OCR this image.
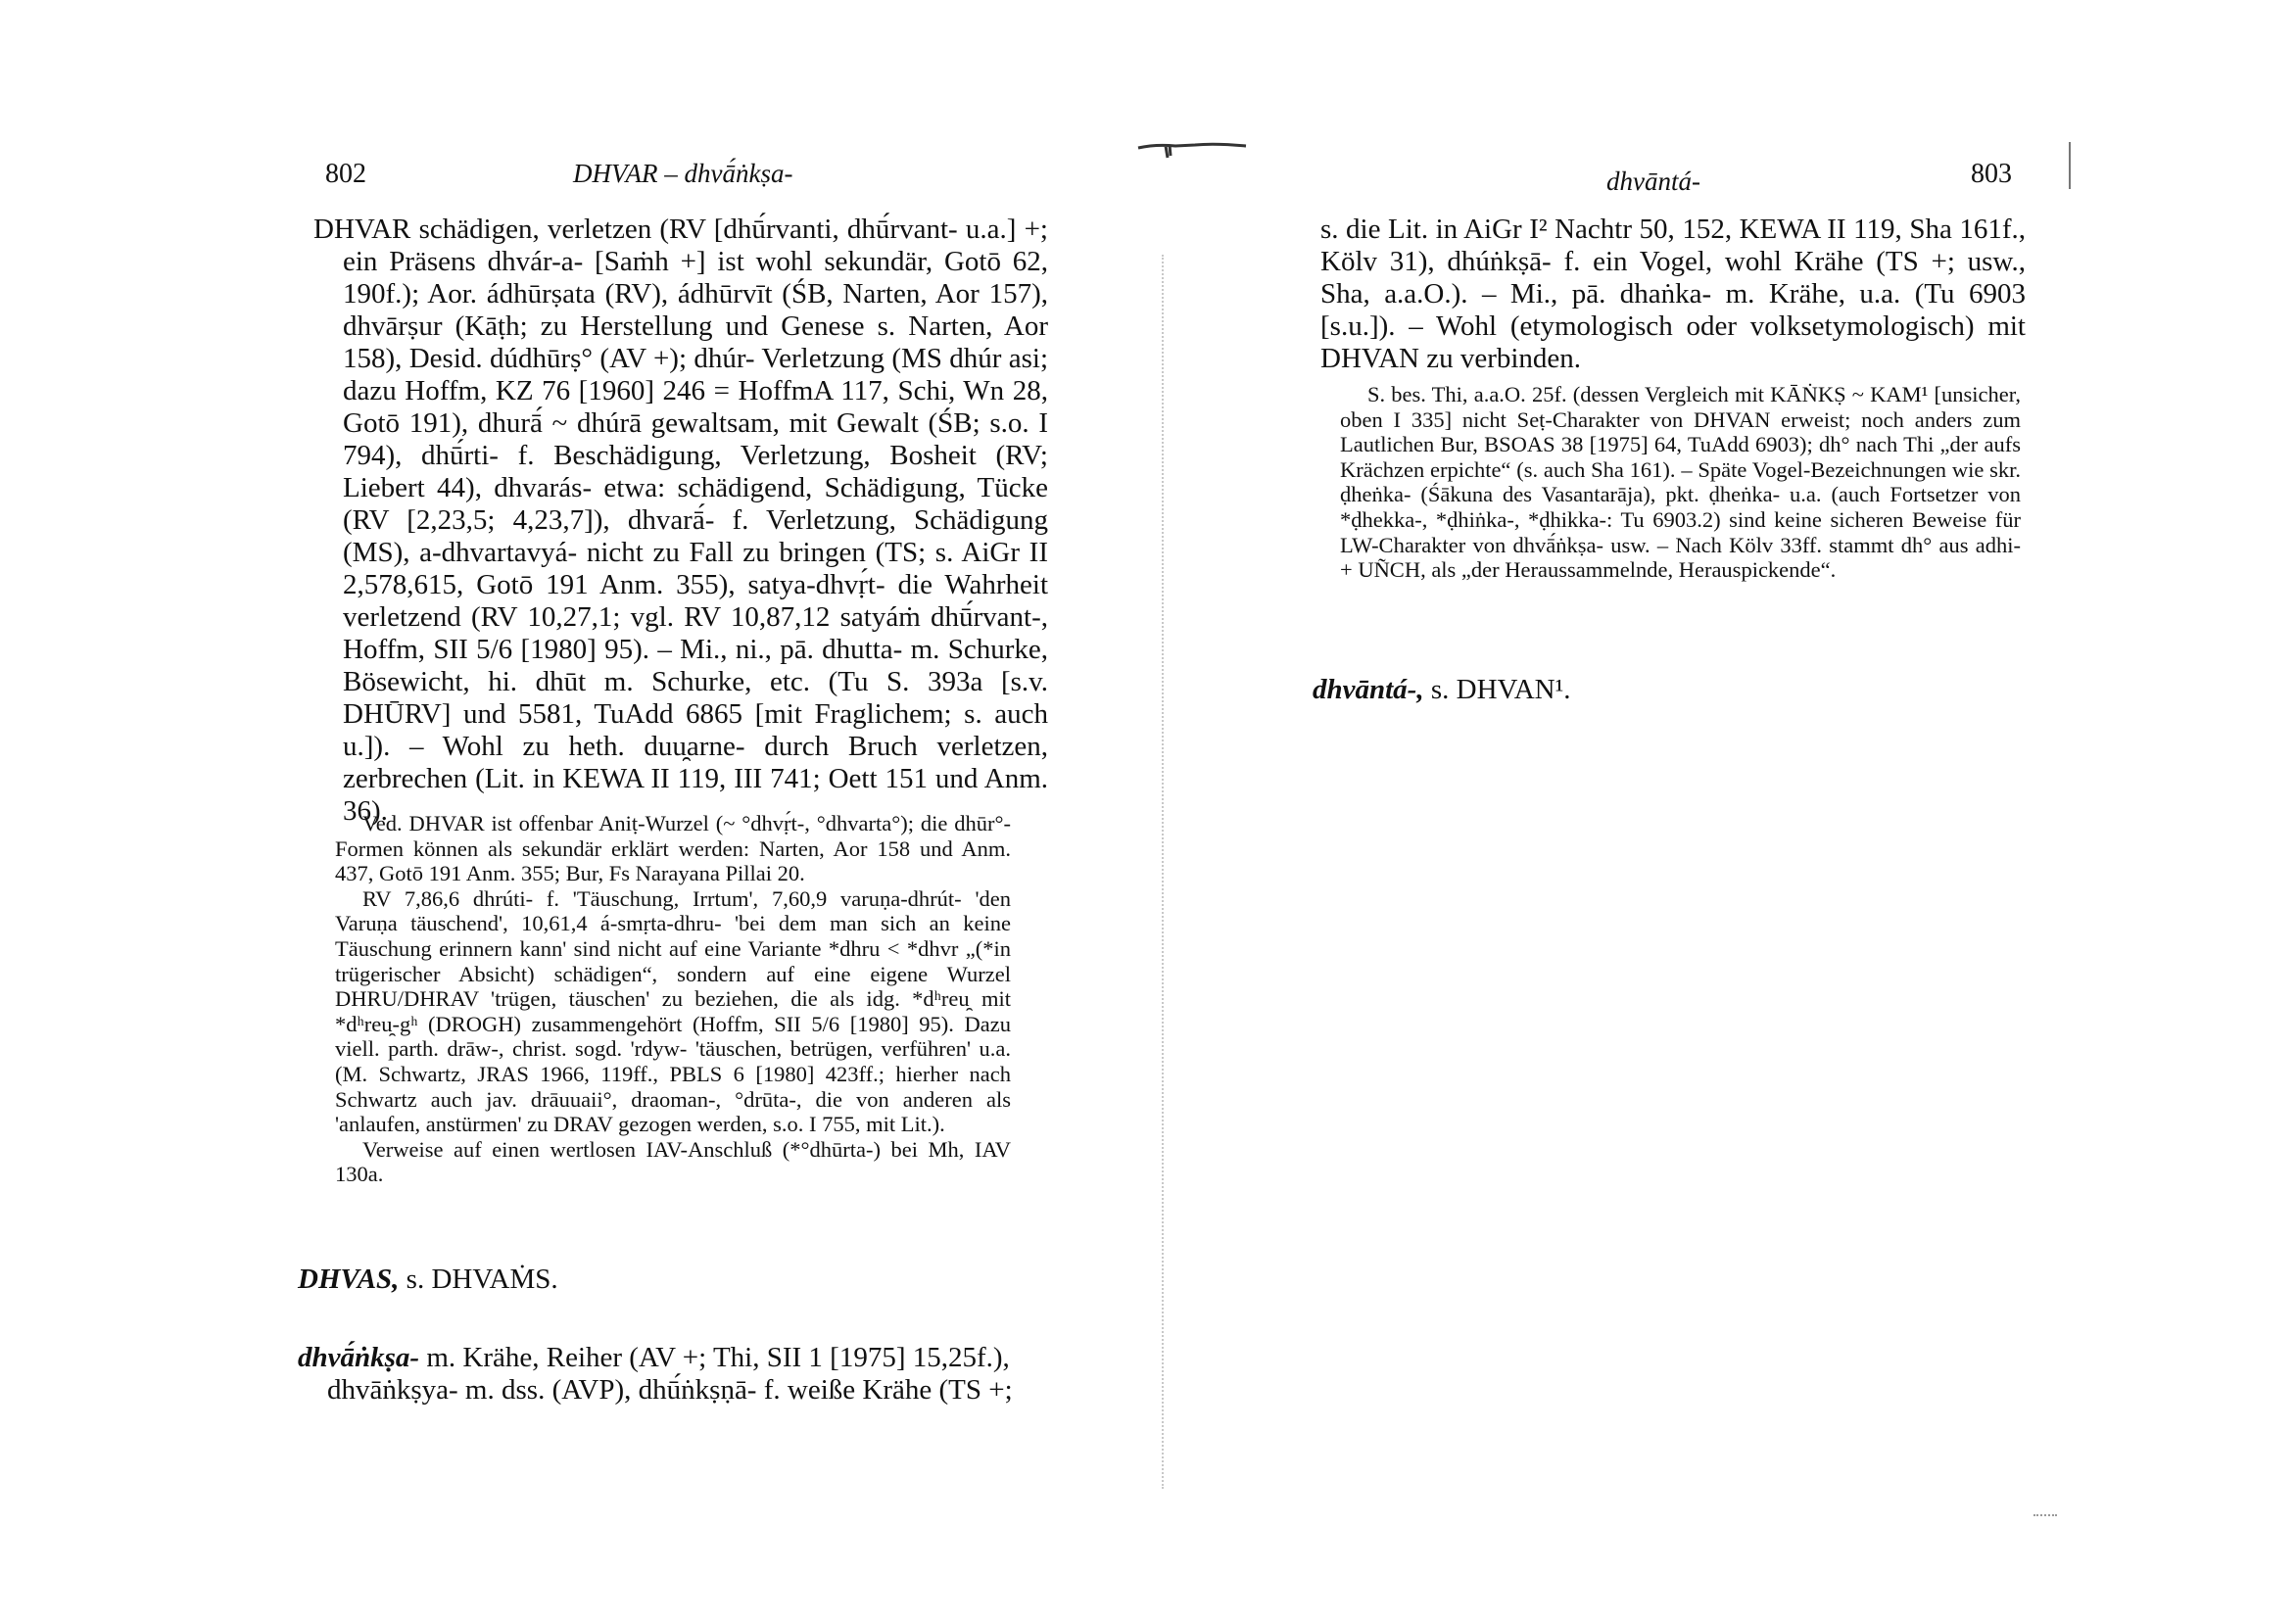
802	DHVAR – dhvā́ṅkṣa-

DHVAR schädigen, verletzen (RV [dhū́rvanti, dhū́rvant- u.a.] +; ein Präsens dhvár-a- [Saṁh +] ist wohl sekundär, Gotō 62, 190f.); Aor. ádhūrṣata (RV), ádhūrvīt (ŚB, Narten, Aor 157), dhvārṣur (Kāṭh; zu Herstellung und Genese s. Narten, Aor 158), Desid. dúdhūrṣ° (AV +); dhúr- Verletzung (MS dhúr asi; dazu Hoffm, KZ 76 [1960] 246 = HoffmA 117, Schi, Wn 28, Gotō 191), dhurā́ ~ dhúrā gewaltsam, mit Gewalt (ŚB; s.o. I 794), dhū́rti- f. Beschädigung, Verletzung, Bosheit (RV; Liebert 44), dhvarás- etwa: schädigend, Schädigung, Tücke (RV [2,23,5; 4,23,7]), dhvarā́- f. Verletzung, Schädigung (MS), a-dhvartavyá- nicht zu Fall zu bringen (TS; s. AiGr II 2,578,615, Gotō 191 Anm. 355), satya-dhvṛ́t- die Wahrheit verletzend (RV 10,27,1; vgl. RV 10,87,12 satyáṁ dhū́rvant-, Hoffm, SII 5/6 [1980] 95). – Mi., ni., pā. dhutta- m. Schurke, Bösewicht, hi. dhūt m. Schurke, etc. (Tu S. 393a [s.v. DHŪRV] und 5581, TuAdd 6865 [mit Fraglichem; s. auch u.]). – Wohl zu heth. duu̯arne- durch Bruch verletzen, zerbrechen (Lit. in KEWA II 119, III 741; Oett 151 und Anm. 36).

Ved. DHVAR ist offenbar Aniṭ-Wurzel (~ °dhvṛ́t-, °dhvarta°); die dhūr°-Formen können als sekundär erklärt werden: Narten, Aor 158 und Anm. 437, Gotō 191 Anm. 355; Bur, Fs Narayana Pillai 20.

RV 7,86,6 dhrúti- f. 'Täuschung, Irrtum', 7,60,9 varuṇa-dhrút- 'den Varuṇa täuschend', 10,61,4 á-smṛta-dhru- 'bei dem man sich an keine Täuschung erinnern kann' sind nicht auf eine Variante *dhru < *dhvr „(*in trügerischer Absicht) schädigen“, sondern auf eine eigene Wurzel DHRU/DHRAV 'trügen, täuschen' zu beziehen, die als idg. *dʰreu̯ mit *dʰreu̯-gʰ (DROGH) zusammengehört (Hoffm, SII 5/6 [1980] 95). Dazu viell. parth. drāw-, christ. sogd. 'rdyw- 'täuschen, betrügen, verführen' u.a. (M. Schwartz, JRAS 1966, 119ff., PBLS 6 [1980] 423ff.; hierher nach Schwartz auch jav. drāuuaii°, draoman-, °drūta-, die von anderen als 'anlaufen, anstürmen' zu DRAV gezogen werden, s.o. I 755, mit Lit.).

Verweise auf einen wertlosen IAV-Anschluß (*°dhūrta-) bei Mh, IAV 130a.

DHVAS, s. DHVAṀS.

dhvā́ṅkṣa- m. Krähe, Reiher (AV +; Thi, SII 1 [1975] 15,25f.), dhvāṅkṣya- m. dss. (AVP), dhū́ṅkṣṇā- f. weiße Krähe (TS +;

dhvāntá-	803

s. die Lit. in AiGr I² Nachtr 50, 152, KEWA II 119, Sha 161f., Kölv 31), dhúṅkṣā- f. ein Vogel, wohl Krähe (TS +; usw., Sha, a.a.O.). – Mi., pā. dhaṅka- m. Krähe, u.a. (Tu 6903 [s.u.]). – Wohl (etymologisch oder volksetymologisch) mit DHVAN zu verbinden.

S. bes. Thi, a.a.O. 25f. (dessen Vergleich mit KĀṄKṢ ~ KAM¹ [unsicher, oben I 335] nicht Seṭ-Charakter von DHVAN erweist; noch anders zum Lautlichen Bur, BSOAS 38 [1975] 64, TuAdd 6903); dh° nach Thi „der aufs Krächzen erpichte“ (s. auch Sha 161). – Späte Vogel-Bezeichnungen wie skr. ḍheṅka- (Śākuna des Vasantarāja), pkt. ḍheṅka- u.a. (auch Fortsetzer von *ḍhekka-, *ḍhiṅka-, *ḍhikka-: Tu 6903.2) sind keine sicheren Beweise für LW-Charakter von dhvā́ṅkṣa- usw. – Nach Kölv 33ff. stammt dh° aus adhi- + UÑCH, als „der Heraussammelnde, Herauspickende“.

dhvāntá-, s. DHVAN¹.
